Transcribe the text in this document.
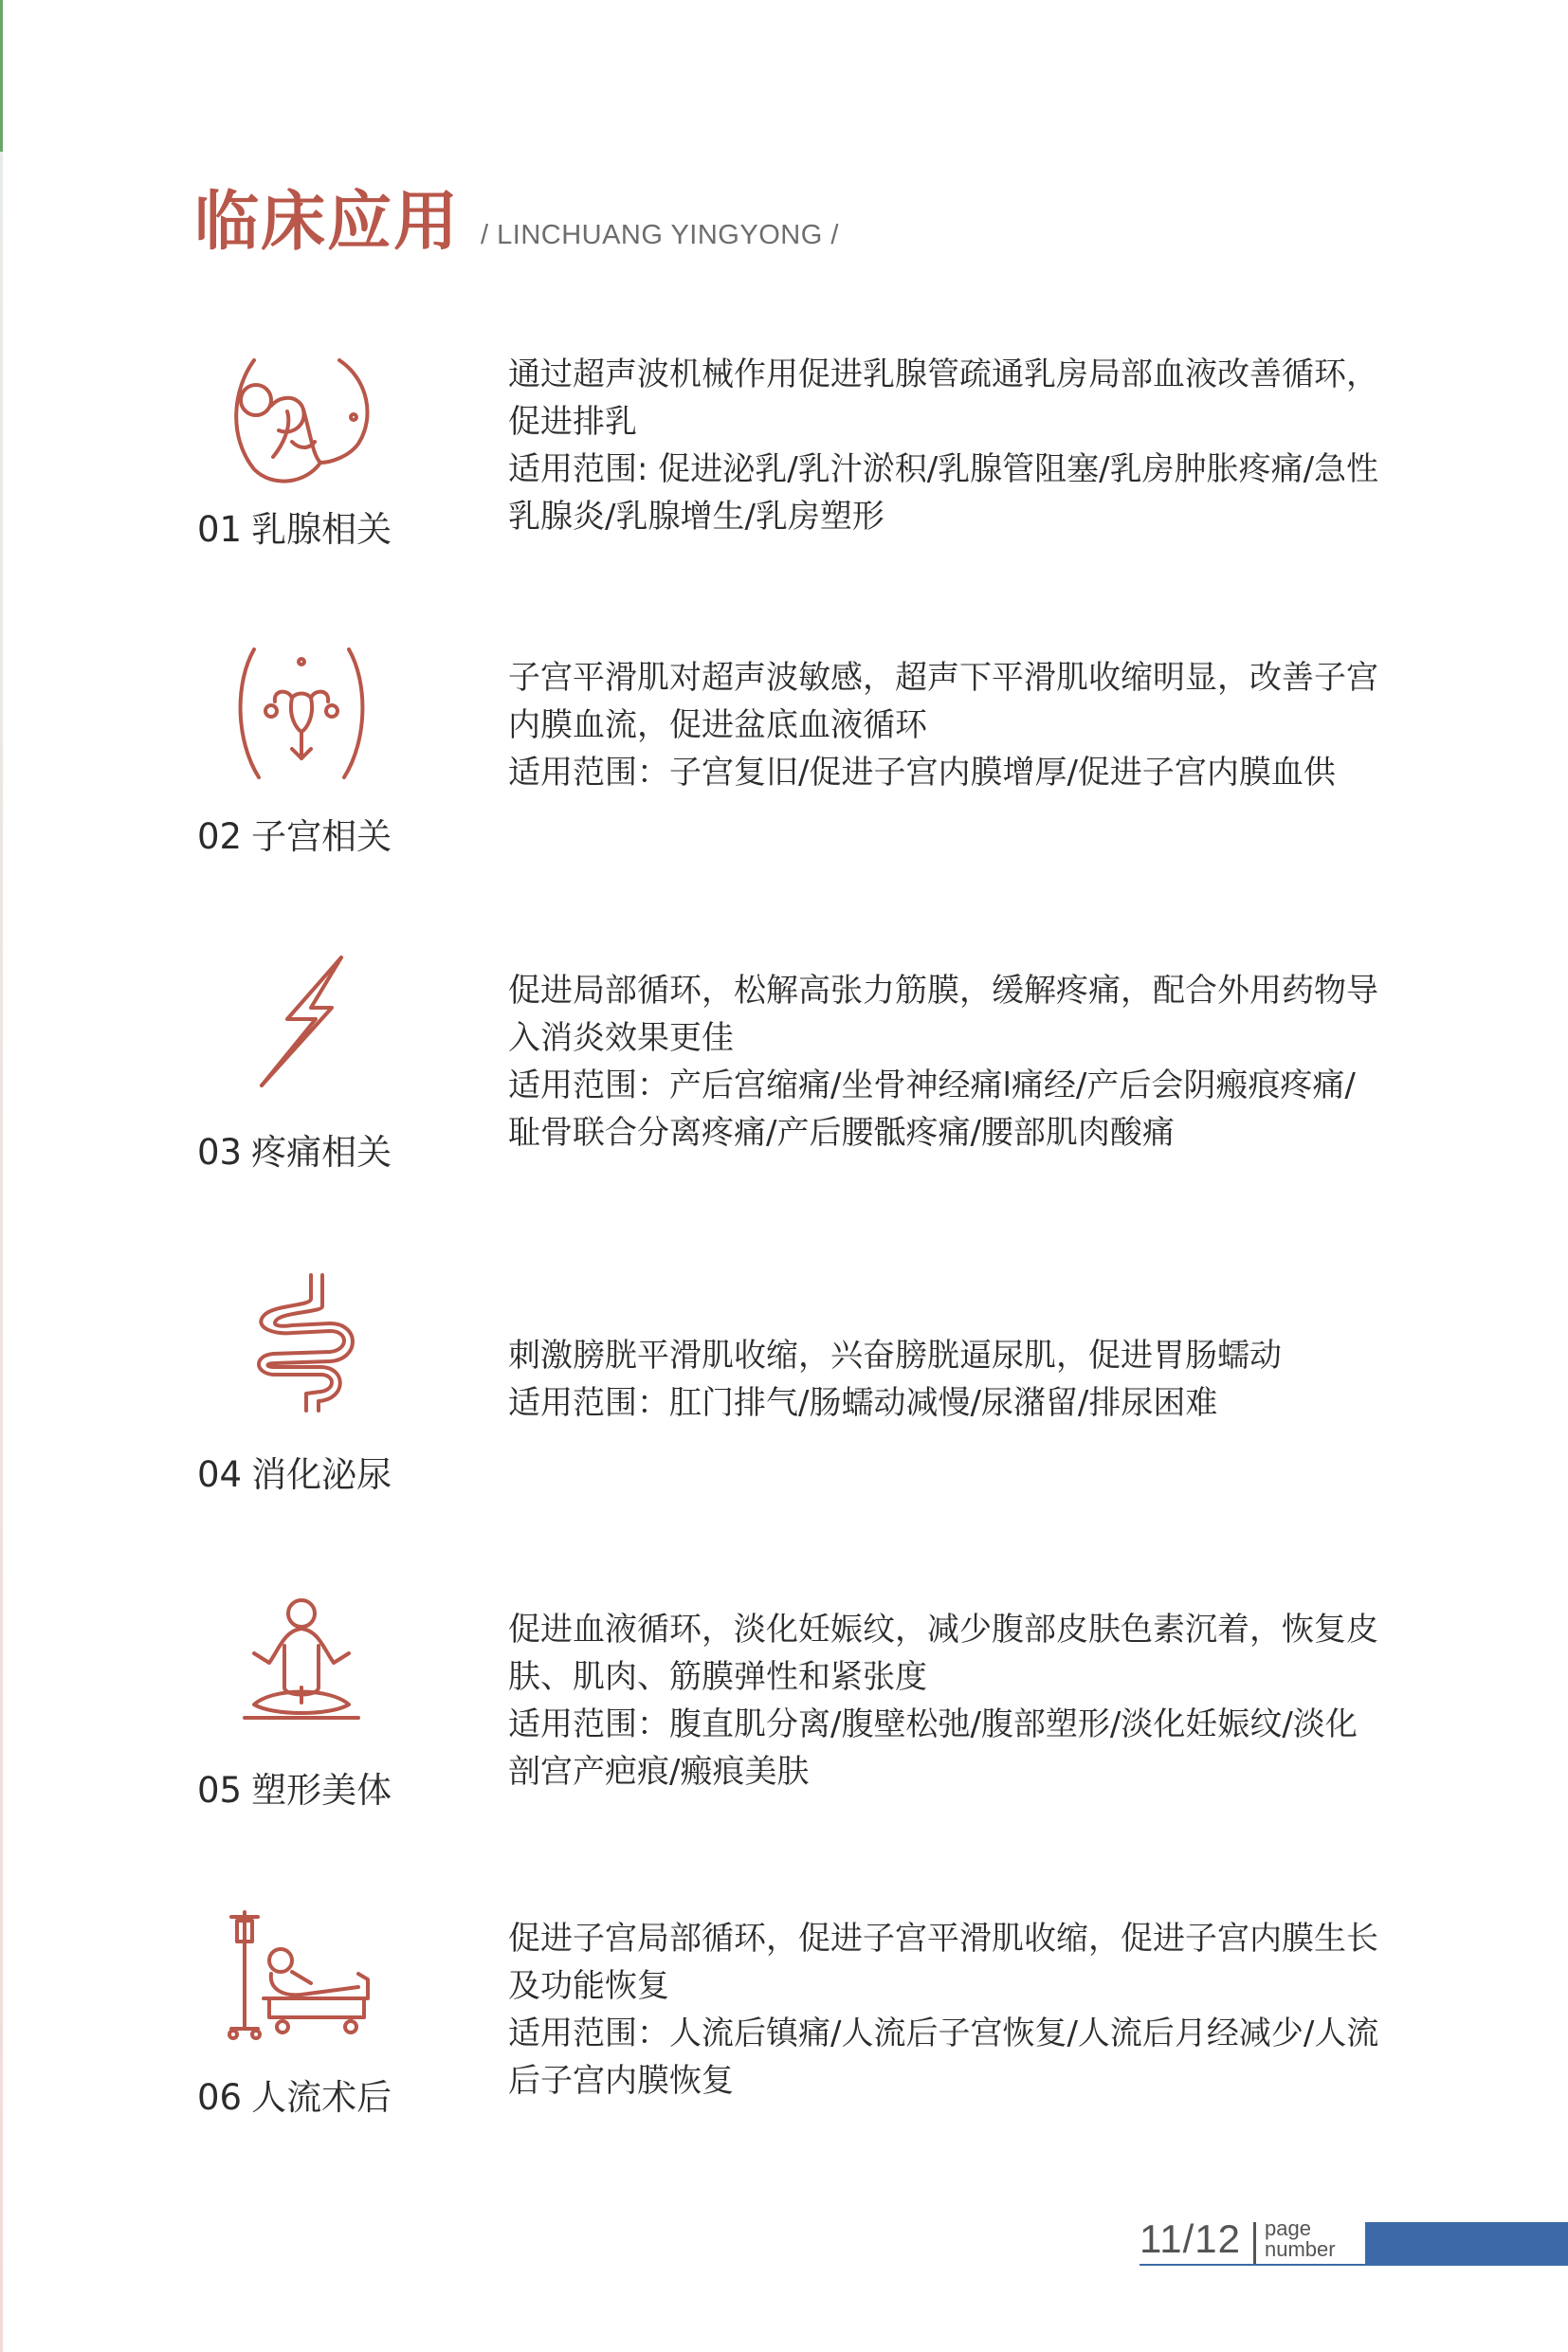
临床应用 / LINCHUANG YINGYONG /
01 乳腺相关

通过超声波机械作用促进乳腺管疏通乳房局部血液改善循环，促进排乳

适用范围: 促进泌乳/乳汁淤积/乳腺管阻塞/乳房肿胀疼痛/急性乳腺炎/乳腺增生/乳房塑形

02 子宫相关

子宫平滑肌对超声波敏感，超声下平滑肌收缩明显，改善子宫内膜血流，促进盆底血液循环

适用范围：子宫复旧/促进子宫内膜增厚/促进子宫内膜血供

03 疼痛相关

促进局部循环，松解高张力筋膜，缓解疼痛，配合外用药物导入消炎效果更佳

适用范围：产后宫缩痛/坐骨神经痛l痛经/产后会阴瘢痕疼痛/耻骨联合分离疼痛/产后腰骶疼痛/腰部肌肉酸痛

04 消化泌尿

刺激膀胱平滑肌收缩，兴奋膀胱逼尿肌，促进胃肠蠕动

适用范围：肛门排气/肠蠕动减慢/尿潴留/排尿困难

05 塑形美体

促进血液循环，淡化妊娠纹，减少腹部皮肤色素沉着，恢复皮肤、肌肉、筋膜弹性和紧张度

适用范围：腹直肌分离/腹壁松弛/腹部塑形/淡化妊娠纹/淡化剖宫产疤痕/瘢痕美肤

06 人流术后

促进子宫局部循环，促进子宫平滑肌收缩，促进子宫内膜生长及功能恢复

适用范围：人流后镇痛/人流后子宫恢复/人流后月经减少/人流后子宫内膜恢复

11/12 page
number
